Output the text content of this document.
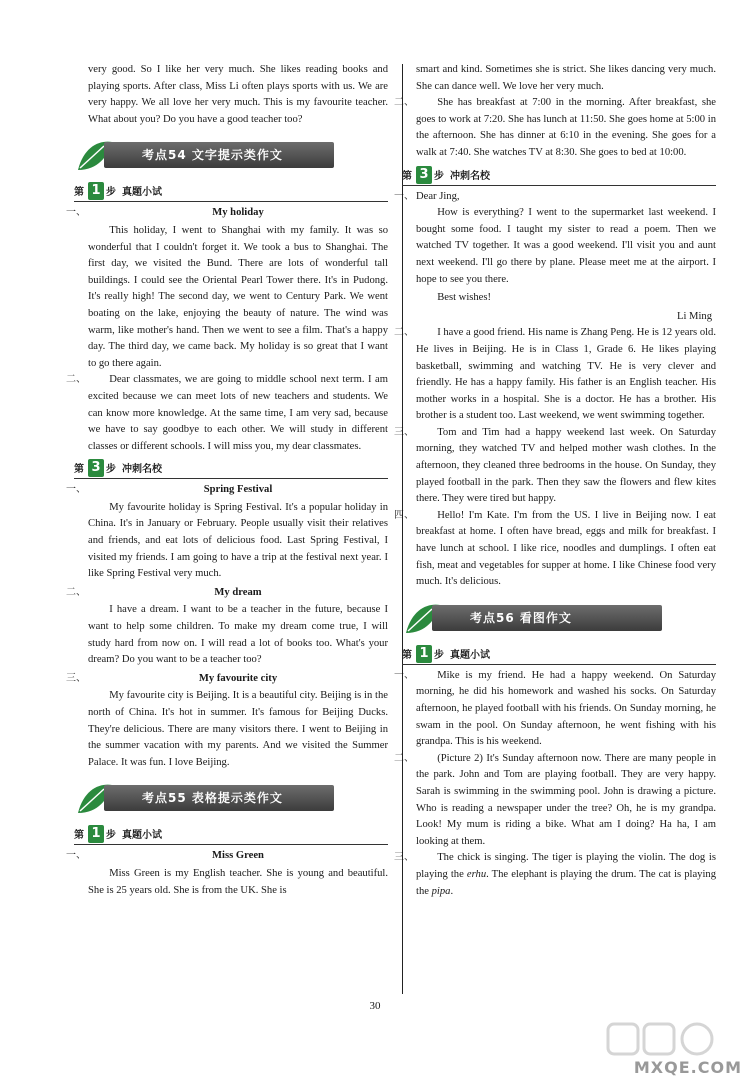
very good. So I like her very much. She likes reading books and playing sports. After class, Miss Li often plays sports with us. We are very happy. We all love her very much. This is my favourite teacher. What about you? Do you have a good teacher too?

考点54 文字提示类作文
第 1 步 真题小试
一、	My holiday

This holiday, I went to Shanghai with my family. It was so wonderful that I couldn't forget it. We took a bus to Shanghai. The first day, we visited the Bund. There are lots of wonderful tall buildings. I could see the Oriental Pearl Tower there. It's in Pudong. It's really high! The second day, we went to Century Park. We went boating on the lake, enjoying the beauty of nature. The wind was warm, like mother's hand. Then we went to see a film. That's a happy day. The third day, we came back. My holiday is so great that I want to go there again.

二、	Dear classmates, we are going to middle school next term. I am excited because we can meet lots of new teachers and students. We can know more knowledge. At the same time, I am very sad, because we have to say goodbye to each other. We will study in different classes or different schools. I will miss you, my dear classmates.

第 3 步 冲刺名校
一、	Spring Festival

My favourite holiday is Spring Festival. It's a popular holiday in China. It's in January or February. People usually visit their relatives and friends, and eat lots of delicious food. Last Spring Festival, I visited my friends. I am going to have a trip at the festival next year. I like Spring Festival very much.

二、	My dream

I have a dream. I want to be a teacher in the future, because I want to help some children. To make my dream come true, I will study hard from now on. I will read a lot of books too. What's your dream? Do you want to be a teacher too?

三、	My favourite city

My favourite city is Beijing. It is a beautiful city. Beijing is in the north of China. It's hot in summer. It's famous for Beijing Ducks. They're delicious. There are many visitors there. I went to Beijing in the summer vacation with my parents. And we visited the Summer Palace. It was fun. I love Beijing.

考点55 表格提示类作文
第 1 步 真题小试
一、	Miss Green

Miss Green is my English teacher. She is young and beautiful. She is 25 years old. She is from the UK. She is

smart and kind. Sometimes she is strict. She likes dancing very much. She can dance well. We love her very much.

二、	She has breakfast at 7:00 in the morning. After breakfast, she goes to work at 7:20. She has lunch at 11:50. She goes home at 5:00 in the afternoon. She has dinner at 6:10 in the evening. She goes for a walk at 7:40. She watches TV at 8:30. She goes to bed at 10:00.

第 3 步 冲刺名校
一、 Dear Jing,

How is everything? I went to the supermarket last weekend. I bought some food. I taught my sister to read a poem. Then we watched TV together. It was a good weekend. I'll visit you and aunt next weekend. I'll go there by plane. Please meet me at the airport. I hope to see you there.

Best wishes!

Li Ming

二、	I have a good friend. His name is Zhang Peng. He is 12 years old. He lives in Beijing. He is in Class 1, Grade 6. He likes playing basketball, swimming and watching TV. He is very clever and friendly. He has a happy family. His father is an English teacher. His mother works in a hospital. She is a doctor. He has a brother. His brother is a student too. Last weekend, we went swimming together.

三、	Tom and Tim had a happy weekend last week. On Saturday morning, they watched TV and helped mother wash clothes. In the afternoon, they cleaned three bedrooms in the house. On Sunday, they played football in the park. Then they saw the flowers and flew kites there. They were tired but happy.

四、	Hello! I'm Kate. I'm from the US. I live in Beijing now. I eat breakfast at home. I often have bread, eggs and milk for breakfast. I have lunch at school. I like rice, noodles and dumplings. I often eat fish, meat and vegetables for supper at home. I like Chinese food very much. It's delicious.

考点56 看图作文
第 1 步 真题小试
一、	Mike is my friend. He had a happy weekend. On Saturday morning, he did his homework and washed his socks. On Saturday afternoon, he played football with his friends. On Sunday morning, he swam in the pool. On Sunday afternoon, he went fishing with his grandpa. This is his weekend.

二、	(Picture 2) It's Sunday afternoon now. There are many people in the park. John and Tom are playing football. They are very happy. Sarah is swimming in the swimming pool. John is drawing a picture. Who is reading a newspaper under the tree? Oh, he is my grandpa. Look! My mum is riding a bike. What am I doing? Ha ha, I am looking at them.

三、	The chick is singing. The tiger is playing the violin. The dog is playing the erhu. The elephant is playing the drum. The cat is playing the pipa.

30
MXQE.COM
